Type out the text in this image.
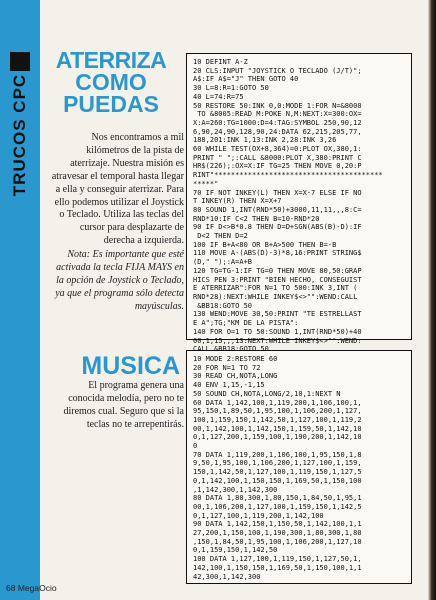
TRUCOS CPC
ATERRIZA
COMO
PUEDAS

Nos encontramos a mil kilómetros de la pista de aterrizaje. Nuestra misión es atravesar el temporal hasta llegar a ella y conseguir aterrizar. Para ello podemos utilizar el Joystick o Teclado. Utiliza las teclas del cursor para desplazarte de derecha a izquierda.

Nota: Es importante que esté activada la tecla FIJA MAYS en la opción de Joystick o Teclado, ya que el programa sólo detecta mayúsculas.

10 DEFINT A-Z
20 CLS:INPUT "JOYSTICK O TECLADO (J/T)";
A$:IF A$="J" THEN GOTO 40
30 L=8:R=1:GOTO 50
40 L=74:R=75
50 RESTORE 50:INK 0,0:MODE 1:FOR N=&8000
TO &8005:READ M:POKE N,M:NEXT:X=300:OX=
X:A=260:TG=1000:D=4:TAG:SYMBOL 250,90,12
6,90,24,90,128,90,24:DATA 62,215,205,77,
188,201:INK 1,13:INK 2,28:INK 3,26
60 WHILE TEST(OX+8,364)=0:PLOT OX,380,1:
PRINT " ";:CALL &8000:PLOT X,380:PRINT C
HR$(226);:OX=X:IF TG=25 THEN MOVE 0,20:P
RINT"****************************************
*****"
70 IF NOT INKEY(L) THEN X=X-7 ELSE IF NO
T INKEY(R) THEN X=X+7
80 SOUND 1,INT(RND*50)+3000,11,11,,,8:C=
RND*10:IF C<2 THEN B=10-RND*20
90 IF D<>B*0.8 THEN D=D+SGN(ABS(B)-D):IF
D<2 THEN D=2
100 IF B+A<80 OR B+A>500 THEN B=-B
110 MOVE A-(ABS(D)-3)*8,16:PRINT STRING$
(D," ");:A=A+B
120 TG=TG-1:IF TG=0 THEN MOVE 80,50:GRAP
HICS PEN 3:PRINT "BIEN HECHO, CONSEGUIST
E ATERRIZAR":FOR N=1 TO 500:INK 3,INT (
RND*28):NEXT:WHILE INKEY$<>"":WEND:CALL
&BB18:GOTO 50
130 WEND:MOVE 30,50:PRINT "TE ESTRELLAST
E A";TG;"KM DE LA PISTA":
140 FOR O=1 TO 50:SOUND 1,INT(RND*50)+40
00,1,15,,,13:NEXT:WHILE INKEY$<>"":WEND:
MUSICA
El programa genera una conocida melodía, pero no te diremos cual. Seguro que si la teclas no te arrepentirás.
10 MODE 2:RESTORE 60
20 FOR N=1 TO 72
30 READ CH,NOTA,LONG
40 ENV 1,15,-1,15
50 SOUND CH,NOTA,LONG/2,10,1:NEXT N
60 DATA 1,142,100,1,119,200,1,106,100,1,
95,150,1,89,50,1,95,100,1,106,200,1,127,
100,1,159,150,1,142,50,1,127,100,1,119,2
00,1,142,100,1,142,150,1,159,50,1,142,10
0,1,127,200,1,159,100,1,190,200,1,142,10
0
70 DATA 1,119,200,1,106,100,1,95,150,1,8
9,50,1,95,100,1,106,200,1,127,100,1,159,
150,1,142,50,1,127,100,1,119,150,1,127,5
0,1,142,100,1,150,150,1,169,50,1,150,100
,1,142,300,1,142,300
80 DATA 1,80,300,1,80,150,1,84,50,1,95,1
00,1,106,200,1,127,100,1,159,150,1,142,5
0,1,127,100,1,119,200,1,142,100
90 DATA 1,142,150,1,150,50,1,142,100,1,1
27,200,1,150,100,1,190,300,1,80,300,1,80
,150,1,84,50,1,95,100,1,106,200,1,127,10
0,1,159,150,1,142,50
100 DATA 1,127,100,1,119,150,1,127,50,1,
142,100,1,150,150,1,169,50,1,150,100,1,1
42,300,1,142,300
68 MegaOcio
